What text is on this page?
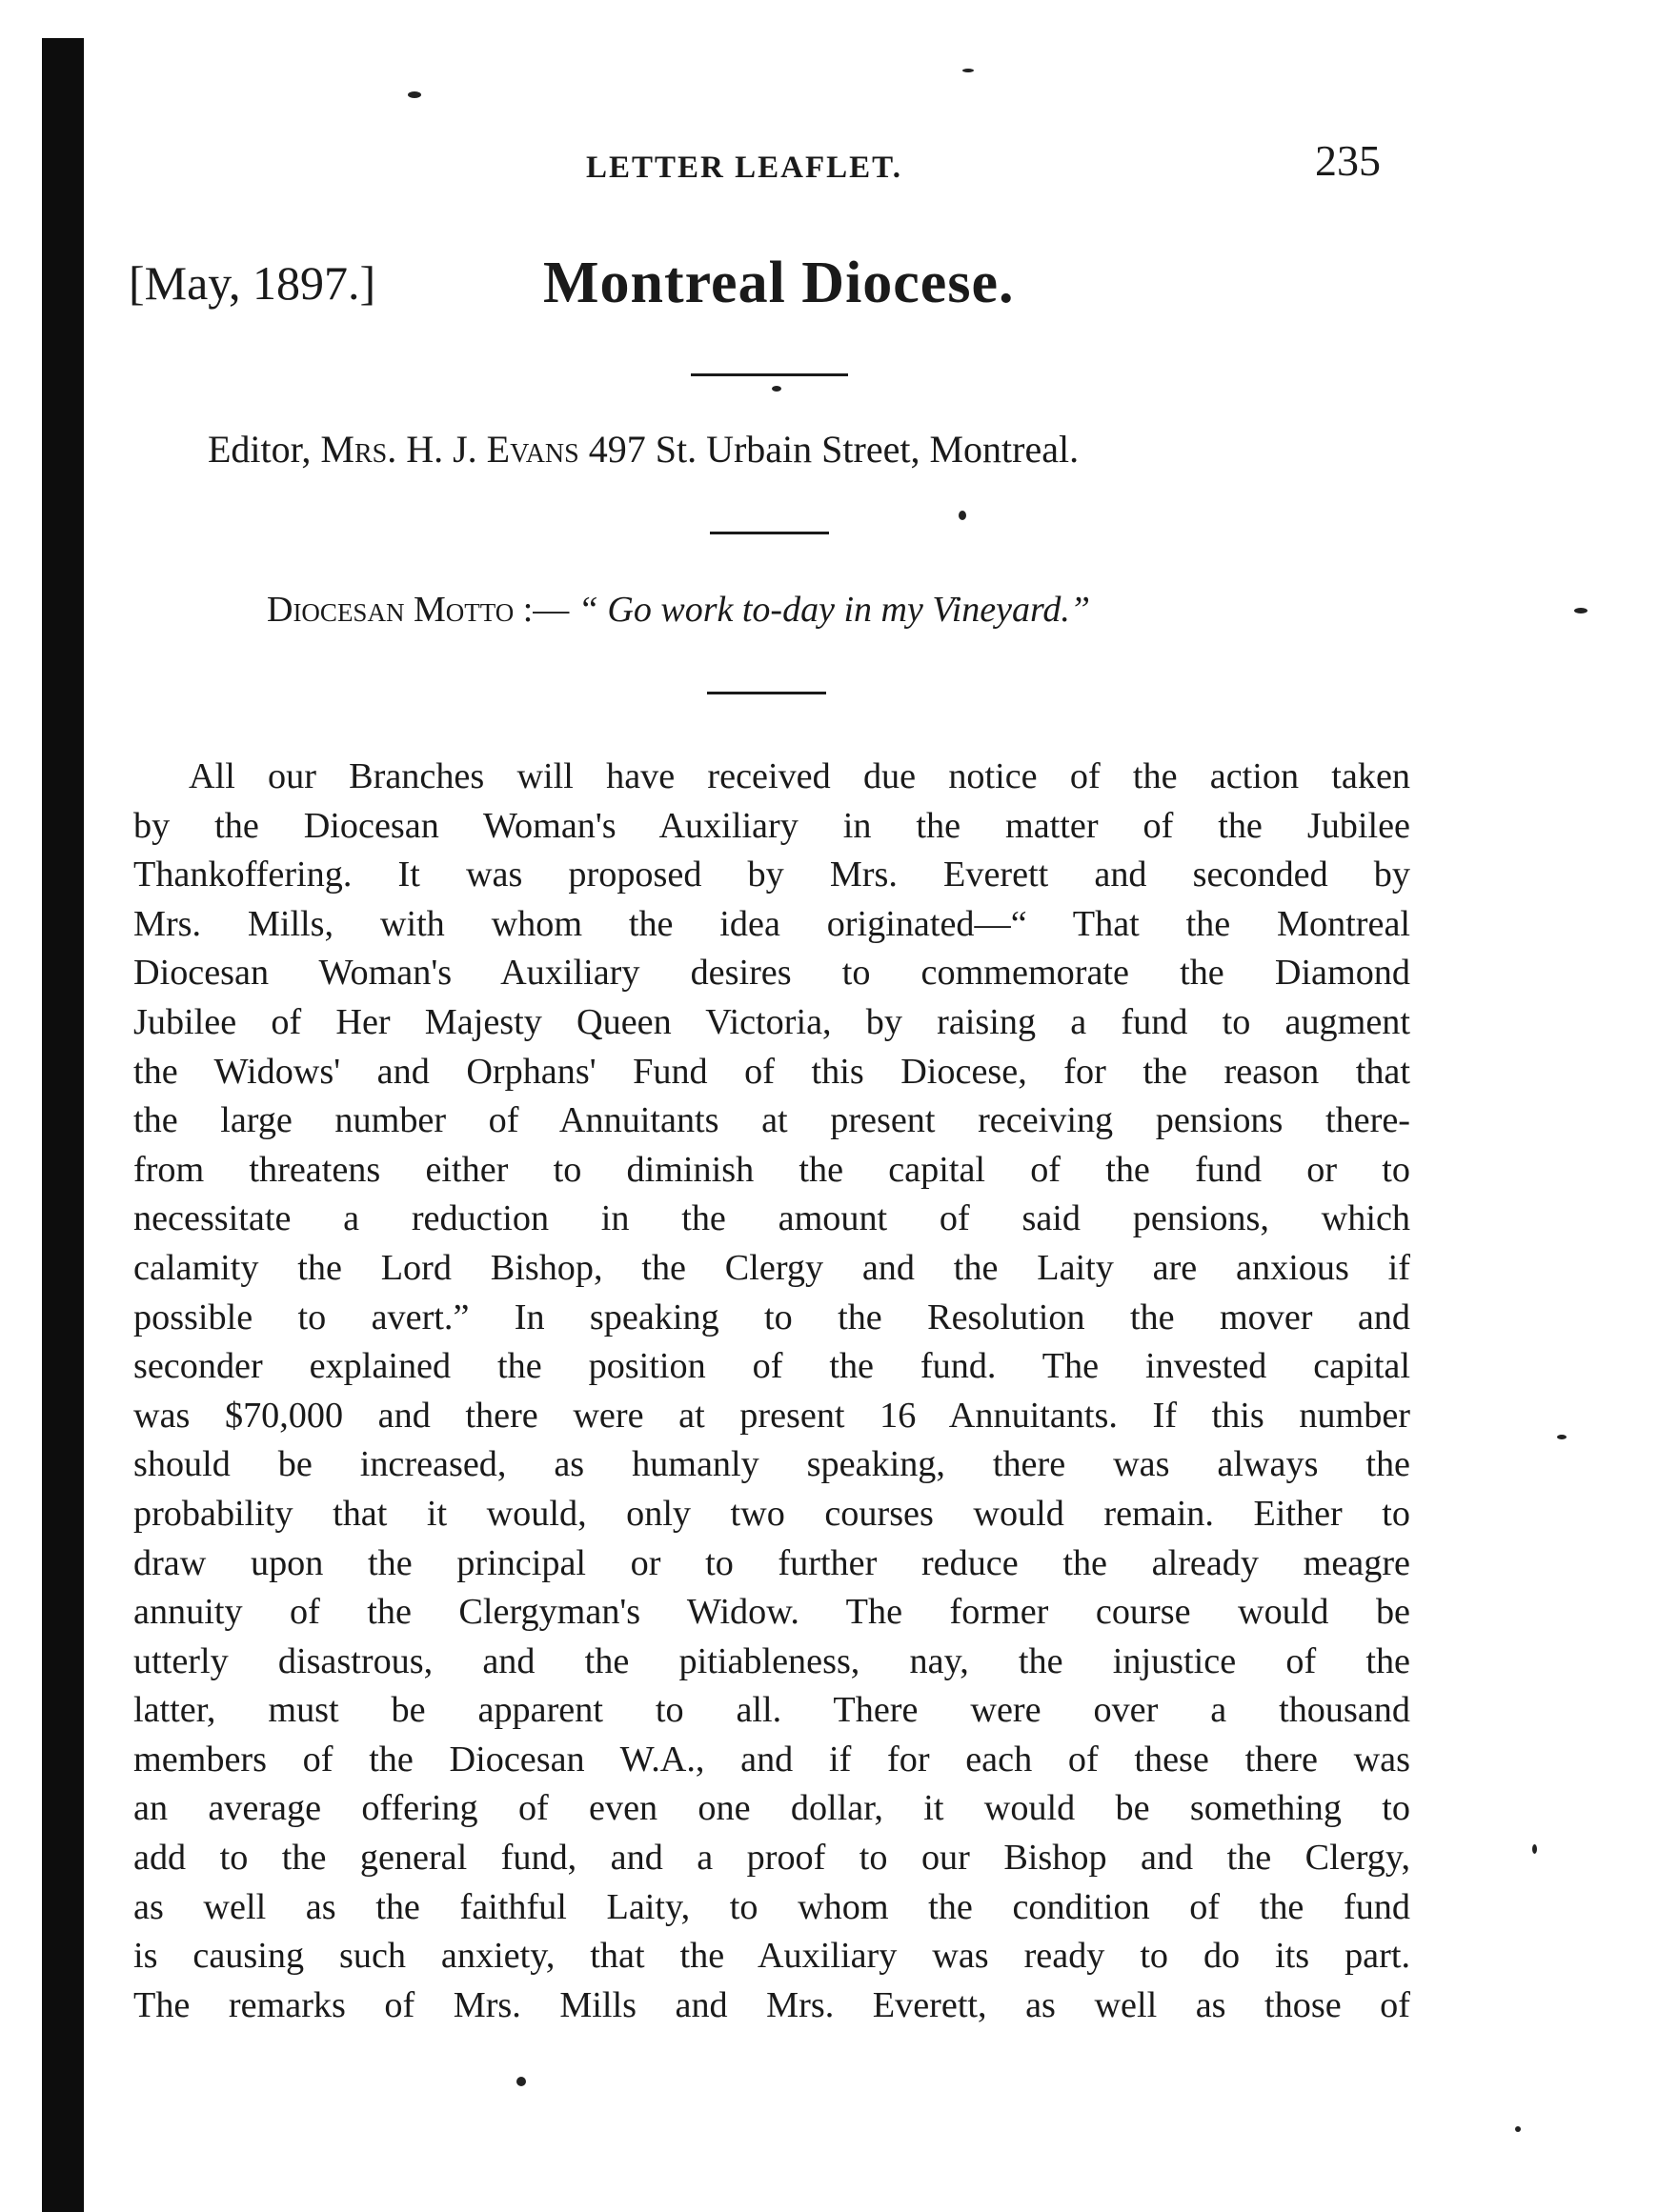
LETTER LEAFLET.	235
[May, 1897.]	Montreal Diocese.
Editor, Mrs. H. J. Evans 497 St. Urbain Street, Montreal.
Diocesan Motto :— “ Go work to-day in my Vineyard.”
All our Branches will have received due notice of the action taken
by the Diocesan Woman's Auxiliary in the matter of the Jubilee
Thankoffering. It was proposed by Mrs. Everett and seconded by
Mrs. Mills, with whom the idea originated—“ That the Montreal
Diocesan Woman's Auxiliary desires to commemorate the Diamond
Jubilee of Her Majesty Queen Victoria, by raising a fund to augment
the Widows' and Orphans' Fund of this Diocese, for the reason that
the large number of Annuitants at present receiving pensions there-
from threatens either to diminish the capital of the fund or to
necessitate a reduction in the amount of said pensions, which
calamity the Lord Bishop, the Clergy and the Laity are anxious if
possible to avert.” In speaking to the Resolution the mover and
seconder explained the position of the fund. The invested capital
was $70,000 and there were at present 16 Annuitants. If this number
should be increased, as humanly speaking, there was always the
probability that it would, only two courses would remain. Either to
draw upon the principal or to further reduce the already meagre
annuity of the Clergyman's Widow. The former course would be
utterly disastrous, and the pitiableness, nay, the injustice of the
latter, must be apparent to all. There were over a thousand
members of the Diocesan W.A., and if for each of these there was
an average offering of even one dollar, it would be something to
add to the general fund, and a proof to our Bishop and the Clergy,
as well as the faithful Laity, to whom the condition of the fund
is causing such anxiety, that the Auxiliary was ready to do its part.
The remarks of Mrs. Mills and Mrs. Everett, as well as those of
